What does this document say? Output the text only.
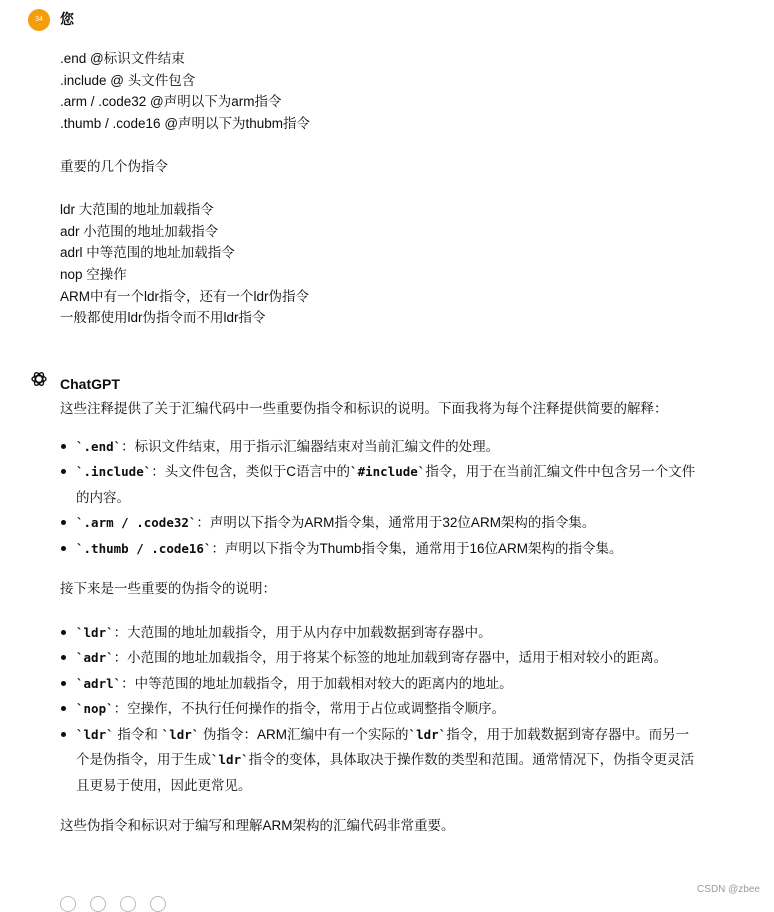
34	您
.end @标识文件结束
.include @ 头文件包含
.arm / .code32 @声明以下为arm指令
.thumb / .code16 @声明以下为thubm指令
重要的几个伪指令
ldr 大范围的地址加载指令
adr 小范围的地址加载指令
adrl 中等范围的地址加载指令
nop 空操作
ARM中有一个ldr指令，还有一个ldr伪指令
一般都使用ldr伪指令而不用ldr指令
ChatGPT
这些注释提供了关于汇编代码中一些重要伪指令和标识的说明。下面我将为每个注释提供简要的解释：
`.end`：标识文件结束，用于指示汇编器结束对当前汇编文件的处理。
`.include`：头文件包含，类似于C语言中的`#include`指令，用于在当前汇编文件中包含另一个文件的内容。
`.arm / .code32`：声明以下指令为ARM指令集，通常用于32位ARM架构的指令集。
`.thumb / .code16`：声明以下指令为Thumb指令集，通常用于16位ARM架构的指令集。
接下来是一些重要的伪指令的说明：
`ldr`：大范围的地址加载指令，用于从内存中加载数据到寄存器中。
`adr`：小范围的地址加载指令，用于将某个标签的地址加载到寄存器中，适用于相对较小的距离。
`adrl`：中等范围的地址加载指令，用于加载相对较大的距离内的地址。
`nop`：空操作，不执行任何操作的指令，常用于占位或调整指令顺序。
`ldr` 指令和 `ldr` 伪指令：ARM汇编中有一个实际的`ldr`指令，用于加载数据到寄存器中。而另一个是伪指令，用于生成`ldr`指令的变体，具体取决于操作数的类型和范围。通常情况下，伪指令更灵活且更易于使用，因此更常见。
这些伪指令和标识对于编写和理解ARM架构的汇编代码非常重要。
CSDN @zbee
